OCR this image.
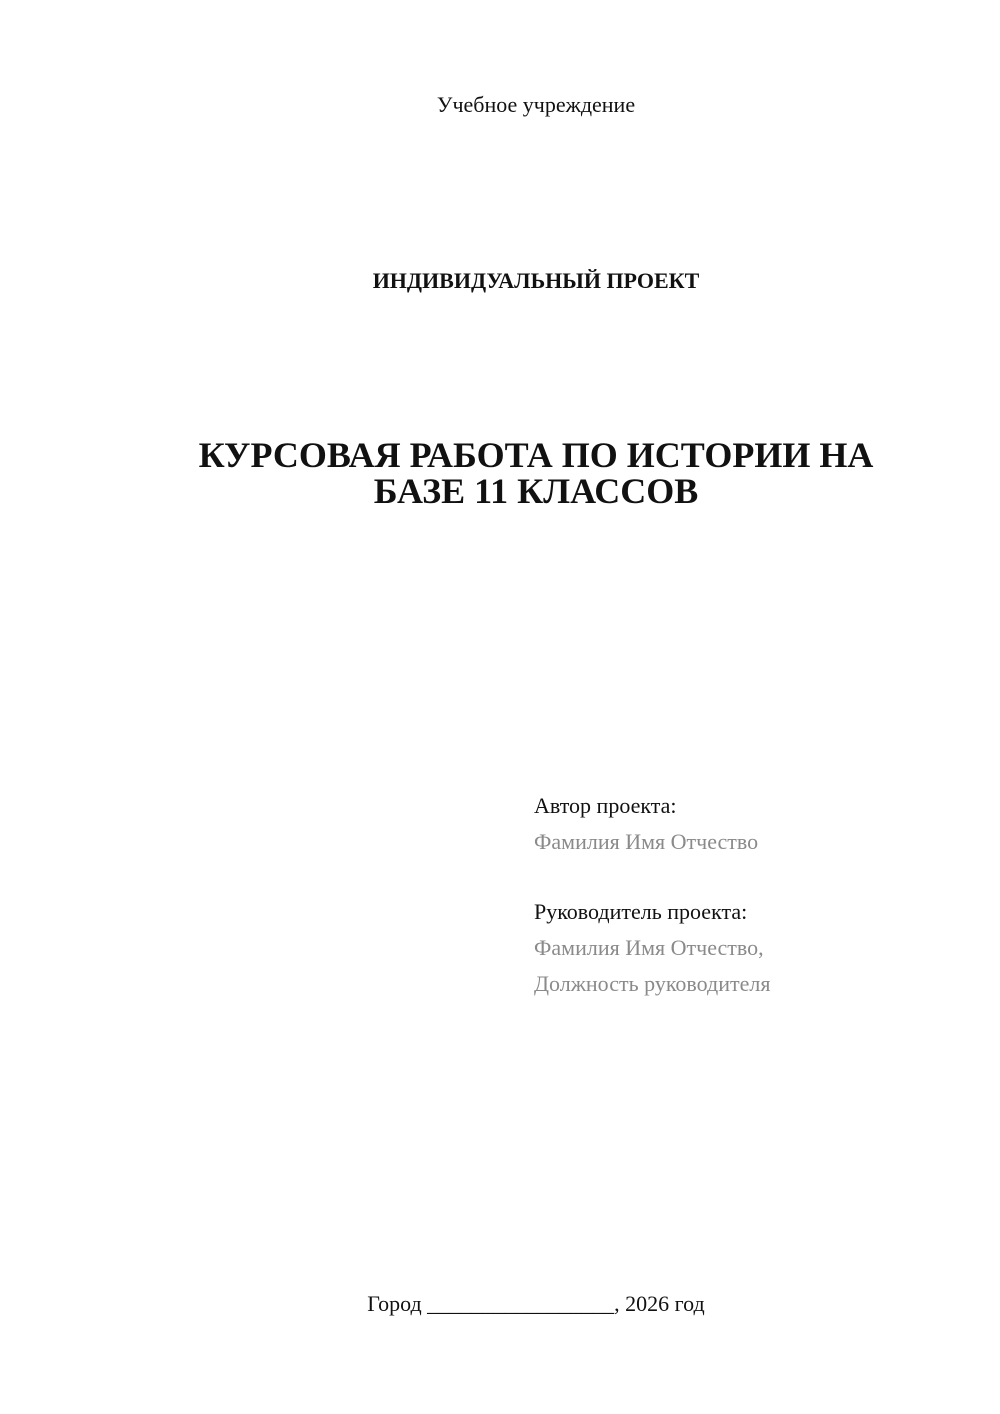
Учебное учреждение
ИНДИВИДУАЛЬНЫЙ ПРОЕКТ
КУРСОВАЯ РАБОТА ПО ИСТОРИИ НА
БАЗЕ 11 КЛАССОВ
Автор проекта:
Фамилия Имя Отчество
Руководитель проекта:
Фамилия Имя Отчество,
Должность руководителя
Город _________________, 2026 год
